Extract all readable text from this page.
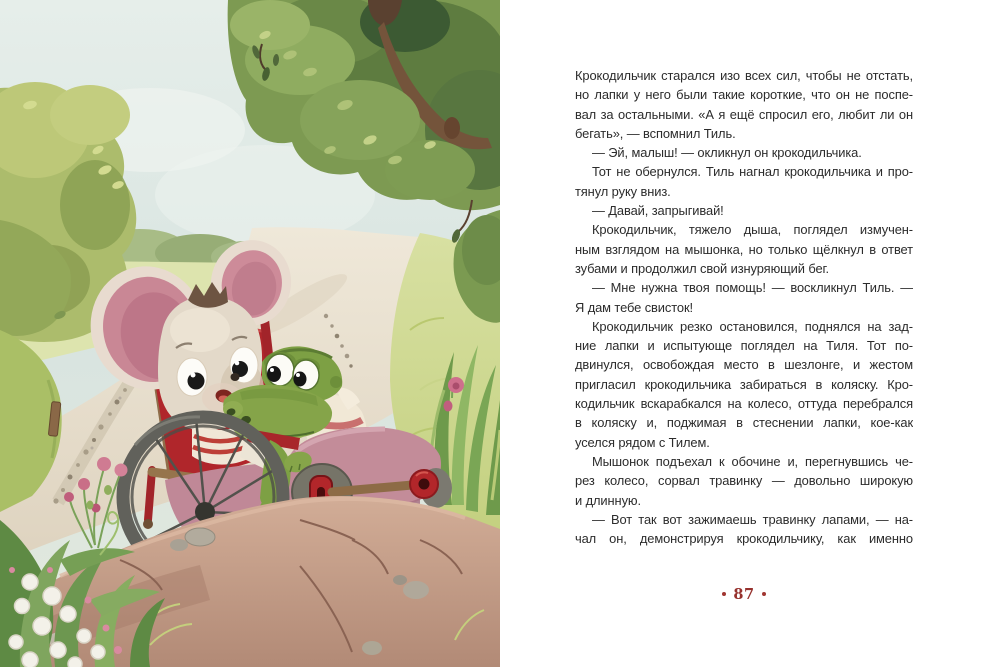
Крокодильчик старался изо всех сил, чтобы не отстать,
но лапки у него были такие короткие, что он не поспе-
вал за остальными. «А я ещё спросил его, любит ли он
бегать», — вспомнил Тиль.
— Эй, малыш! — окликнул он крокодильчика.
Тот не обернулся. Тиль нагнал крокодильчика и про-
тянул руку вниз.
— Давай, запрыгивай!
Крокодильчик, тяжело дыша, поглядел измучен-
ным взглядом на мышонка, но только щёлкнул в ответ
зубами и продолжил свой изнуряющий бег.
— Мне нужна твоя помощь! — воскликнул Тиль. —
Я дам тебе свисток!
Крокодильчик резко остановился, поднялся на зад-
ние лапки и испытующе поглядел на Тиля. Тот по-
двинулся, освобождая место в шезлонге, и жестом
пригласил крокодильчика забираться в коляску. Кро-
кодильчик вскарабкался на колесо, оттуда перебрался
в коляску и, поджимая в стеснении лапки, кое-как
уселся рядом с Тилем.
Мышонок подъехал к обочине и, перегнувшись че-
рез колесо, сорвал травинку — довольно широкую
и длинную.
— Вот так вот зажимаешь травинку лапами, — на-
чал он, демонстрируя крокодильчику, как именно
87
